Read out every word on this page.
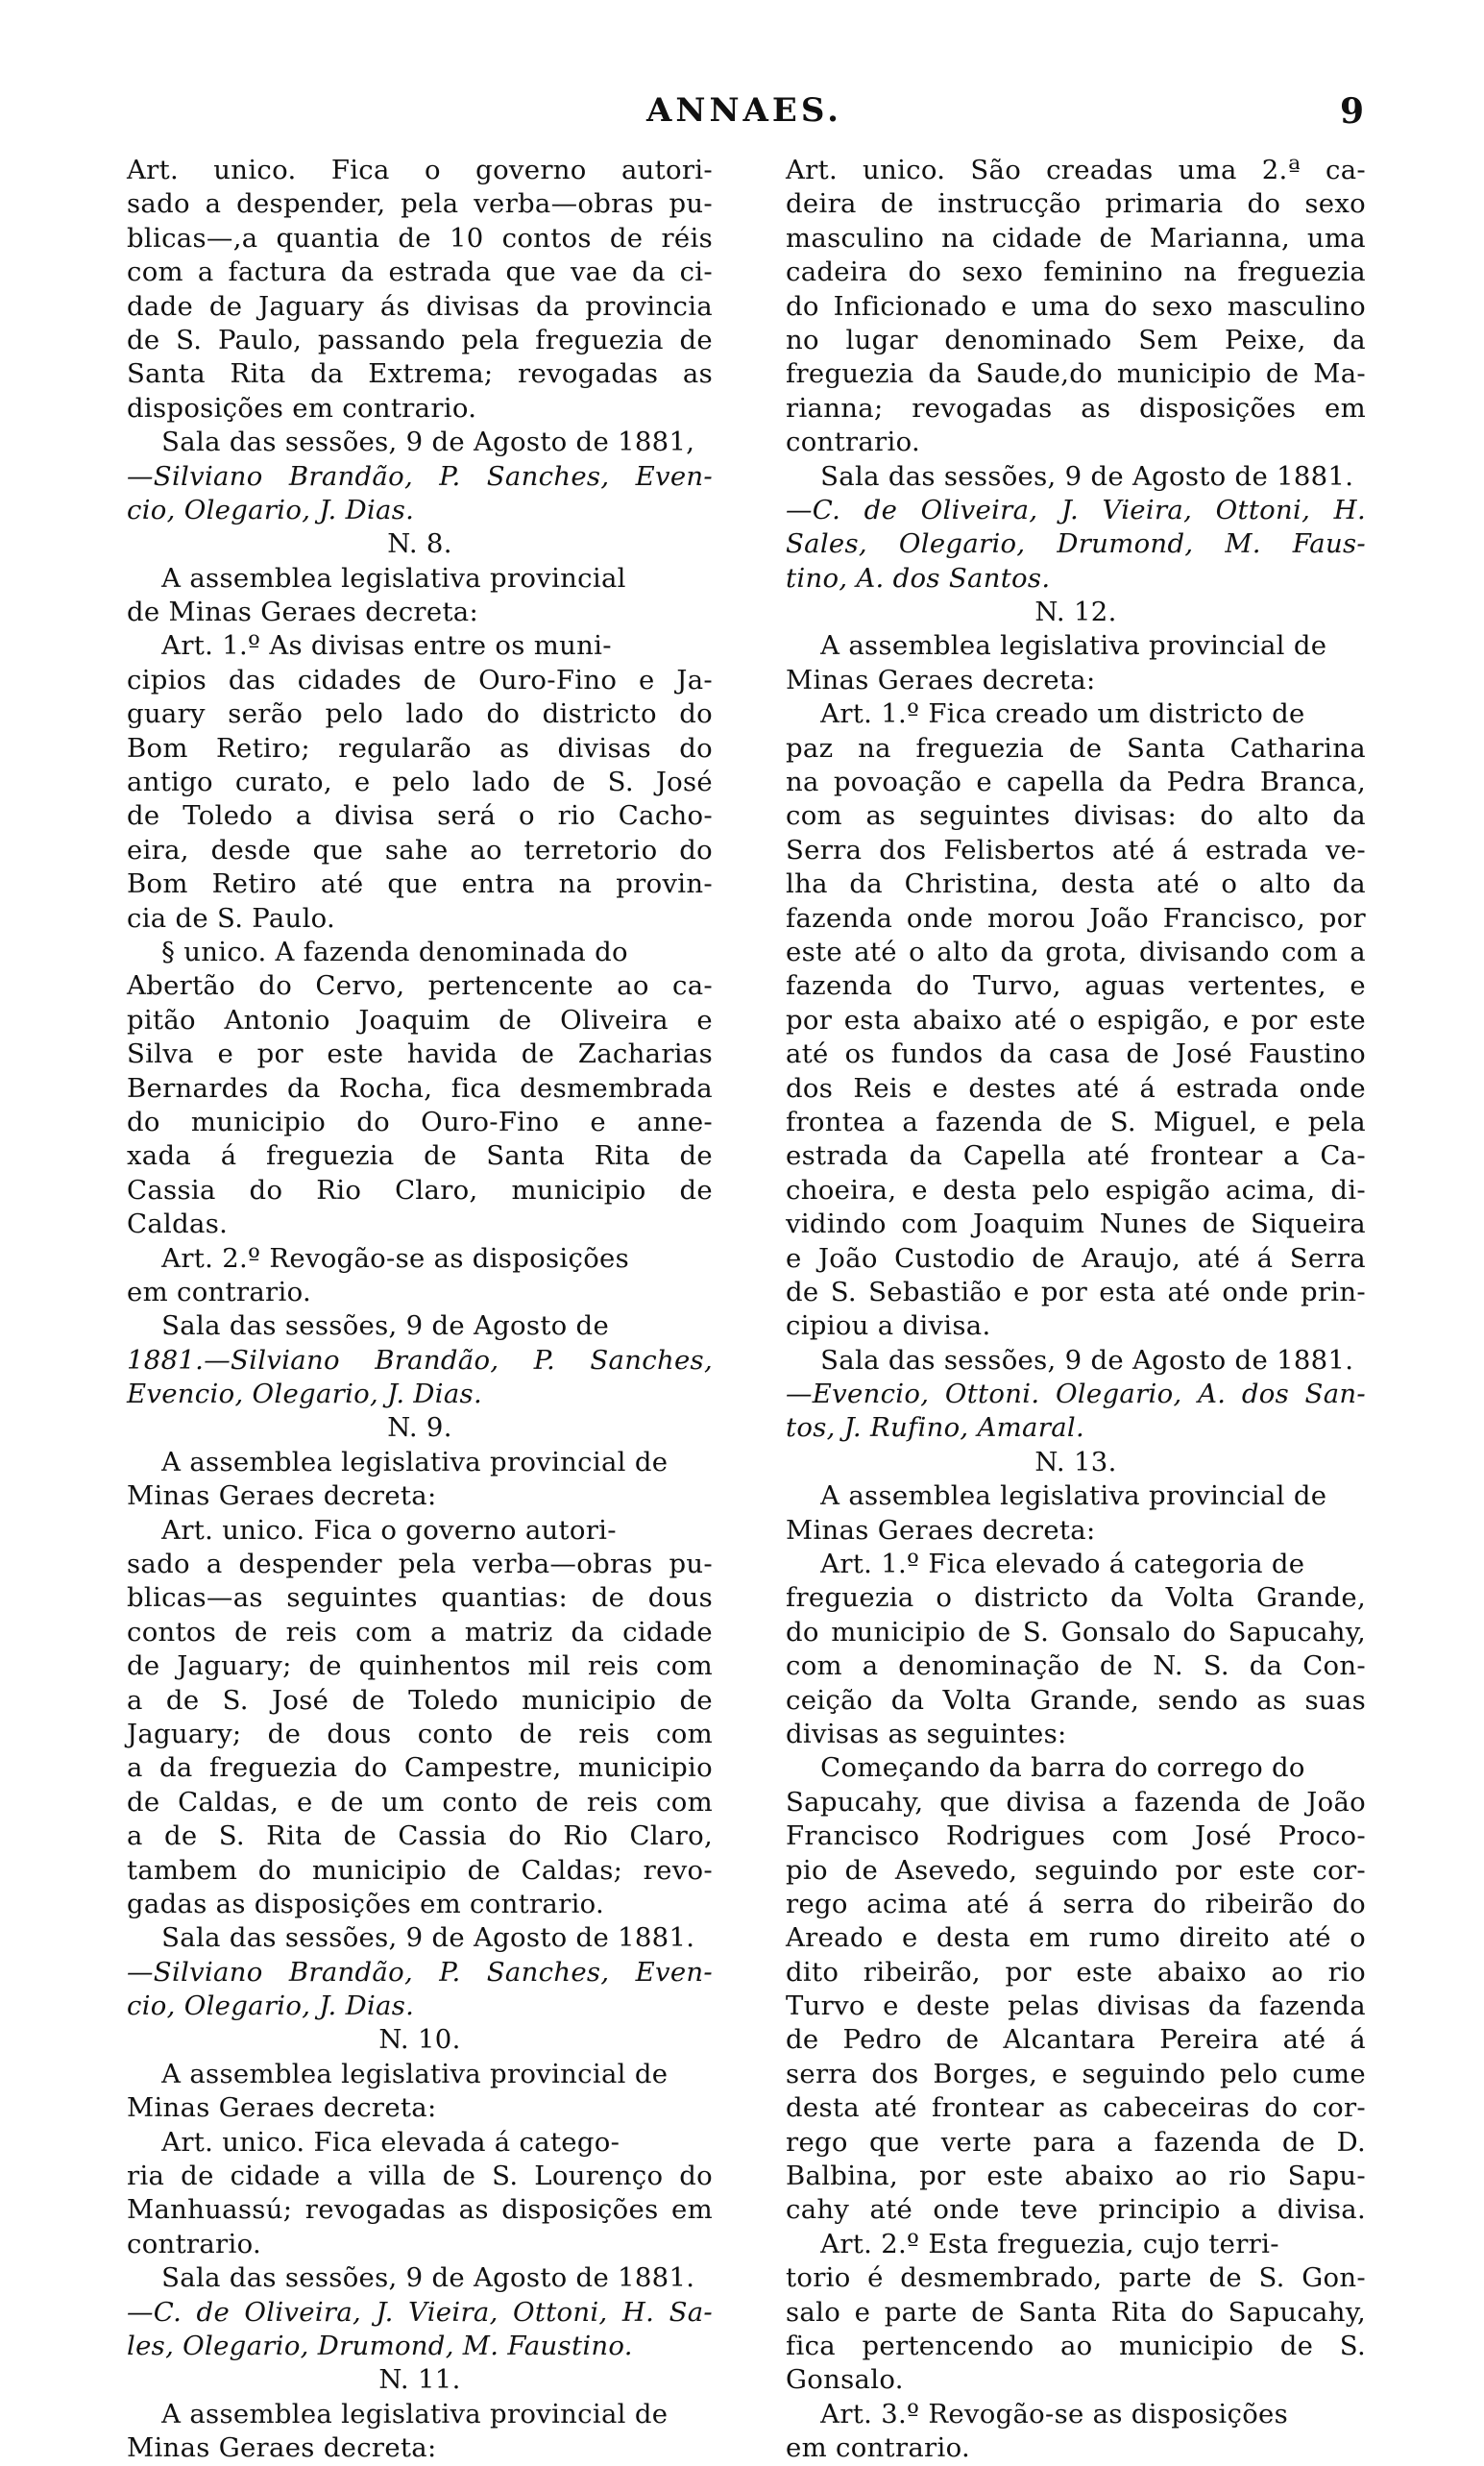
ANNAES.	9
Art. unico. Fica o governo autori-
sado a despender, pela verba—obras pu-
blicas—,a quantia de 10 contos de réis
com a factura da estrada que vae da ci-
dade de Jaguary ás divisas da provincia
de S. Paulo, passando pela freguezia de
Santa Rita da Extrema; revogadas as
disposições em contrario.
Sala das sessões, 9 de Agosto de 1881,
—Silviano Brandão, P. Sanches, Even-
cio, Olegario, J. Dias.
N. 8.
A assemblea legislativa provincial
de Minas Geraes decreta:
Art. 1.º As divisas entre os muni-
cipios das cidades de Ouro-Fino e Ja-
guary serão pelo lado do districto do
Bom Retiro; regularão as divisas do
antigo curato, e pelo lado de S. José
de Toledo a divisa será o rio Cacho-
eira, desde que sahe ao terretorio do
Bom Retiro até que entra na provin-
cia de S. Paulo.
§ unico. A fazenda denominada do
Abertão do Cervo, pertencente ao ca-
pitão Antonio Joaquim de Oliveira e
Silva e por este havida de Zacharias
Bernardes da Rocha, fica desmembrada
do municipio do Ouro-Fino e anne-
xada á freguezia de Santa Rita de
Cassia do Rio Claro, municipio de
Caldas.
Art. 2.º Revogão-se as disposições
em contrario.
Sala das sessões, 9 de Agosto de
1881.—Silviano Brandão, P. Sanches,
Evencio, Olegario, J. Dias.
N. 9.
A assemblea legislativa provincial de
Minas Geraes decreta:
Art. unico. Fica o governo autori-
sado a despender pela verba—obras pu-
blicas—as seguintes quantias: de dous
contos de reis com a matriz da cidade
de Jaguary; de quinhentos mil reis com
a de S. José de Toledo municipio de
Jaguary; de dous conto de reis com
a da freguezia do Campestre, municipio
de Caldas, e de um conto de reis com
a de S. Rita de Cassia do Rio Claro,
tambem do municipio de Caldas; revo-
gadas as disposições em contrario.
Sala das sessões, 9 de Agosto de 1881.
—Silviano Brandão, P. Sanches, Even-
cio, Olegario, J. Dias.
N. 10.
A assemblea legislativa provincial de
Minas Geraes decreta:
Art. unico. Fica elevada á catego-
ria de cidade a villa de S. Lourenço do
Manhuassú; revogadas as disposições em
contrario.
Sala das sessões, 9 de Agosto de 1881.
—C. de Oliveira, J. Vieira, Ottoni, H. Sa-
les, Olegario, Drumond, M. Faustino.
N. 11.
A assemblea legislativa provincial de
Minas Geraes decreta:
Art. unico. São creadas uma 2.ª ca-
deira de instrucção primaria do sexo
masculino na cidade de Marianna, uma
cadeira do sexo feminino na freguezia
do Inficionado e uma do sexo masculino
no lugar denominado Sem Peixe, da
freguezia da Saude,do municipio de Ma-
rianna; revogadas as disposições em
contrario.
Sala das sessões, 9 de Agosto de 1881.
—C. de Oliveira, J. Vieira, Ottoni, H.
Sales, Olegario, Drumond, M. Faus-
tino, A. dos Santos.
N. 12.
A assemblea legislativa provincial de
Minas Geraes decreta:
Art. 1.º Fica creado um districto de
paz na freguezia de Santa Catharina
na povoação e capella da Pedra Branca,
com as seguintes divisas: do alto da
Serra dos Felisbertos até á estrada ve-
lha da Christina, desta até o alto da
fazenda onde morou João Francisco, por
este até o alto da grota, divisando com a
fazenda do Turvo, aguas vertentes, e
por esta abaixo até o espigão, e por este
até os fundos da casa de José Faustino
dos Reis e destes até á estrada onde
frontea a fazenda de S. Miguel, e pela
estrada da Capella até frontear a Ca-
choeira, e desta pelo espigão acima, di-
vidindo com Joaquim Nunes de Siqueira
e João Custodio de Araujo, até á Serra
de S. Sebastião e por esta até onde prin-
cipiou a divisa.
Sala das sessões, 9 de Agosto de 1881.
—Evencio, Ottoni. Olegario, A. dos San-
tos, J. Rufino, Amaral.
N. 13.
A assemblea legislativa provincial de
Minas Geraes decreta:
Art. 1.º Fica elevado á categoria de
freguezia o districto da Volta Grande,
do municipio de S. Gonsalo do Sapucahy,
com a denominação de N. S. da Con-
ceição da Volta Grande, sendo as suas
divisas as seguintes:
Começando da barra do corrego do
Sapucahy, que divisa a fazenda de João
Francisco Rodrigues com José Proco-
pio de Asevedo, seguindo por este cor-
rego acima até á serra do ribeirão do
Areado e desta em rumo direito até o
dito ribeirão, por este abaixo ao rio
Turvo e deste pelas divisas da fazenda
de Pedro de Alcantara Pereira até á
serra dos Borges, e seguindo pelo cume
desta até frontear as cabeceiras do cor-
rego que verte para a fazenda de D.
Balbina, por este abaixo ao rio Sapu-
cahy até onde teve principio a divisa.
Art. 2.º Esta freguezia, cujo terri-
torio é desmembrado, parte de S. Gon-
salo e parte de Santa Rita do Sapucahy,
fica pertencendo ao municipio de S.
Gonsalo.
Art. 3.º Revogão-se as disposições
em contrario.
